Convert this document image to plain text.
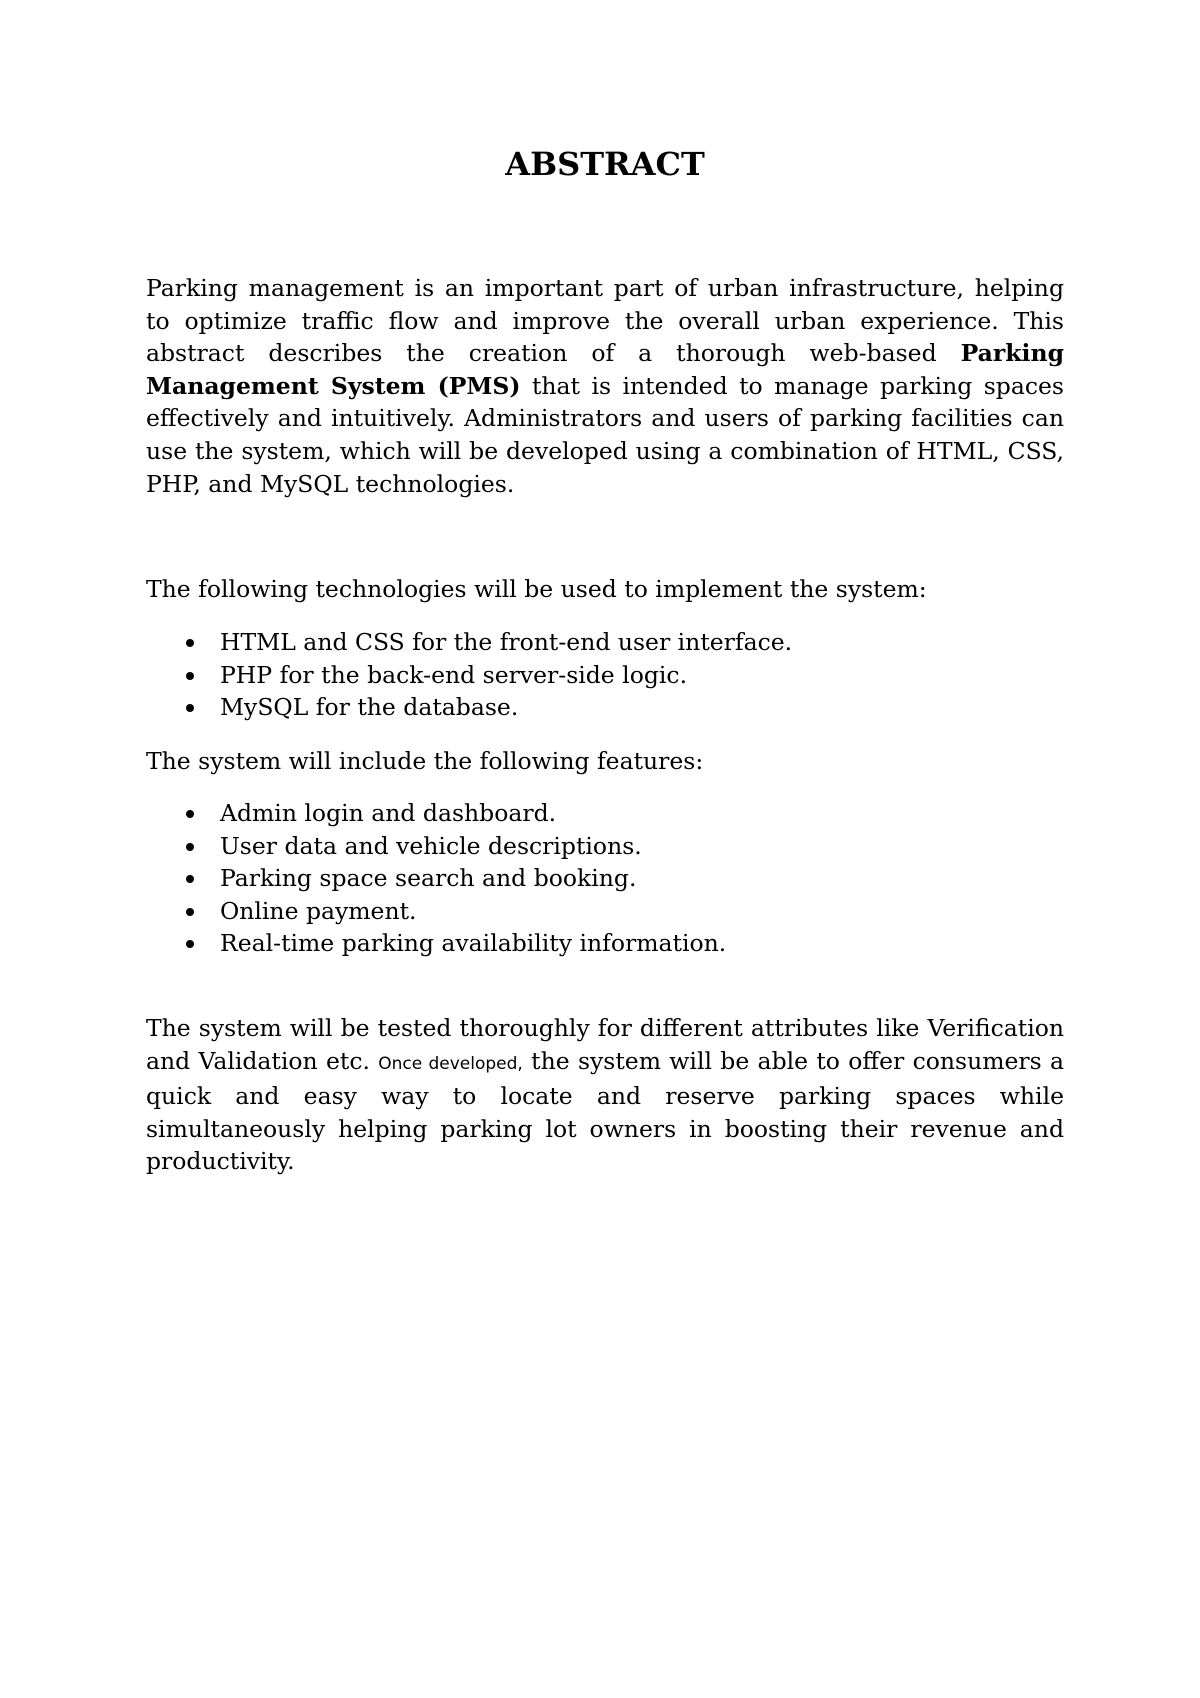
ABSTRACT

Parking management is an important part of urban infrastructure, helping to optimize traffic flow and improve the overall urban experience. This abstract describes the creation of a thorough web-based Parking Management System (PMS) that is intended to manage parking spaces effectively and intuitively. Administrators and users of parking facilities can use the system, which will be developed using a combination of HTML, CSS, PHP, and MySQL technologies.

The following technologies will be used to implement the system:

HTML and CSS for the front-end user interface.
PHP for the back-end server-side logic.
MySQL for the database.

The system will include the following features:

Admin login and dashboard.
User data and vehicle descriptions.
Parking space search and booking.
Online payment.
Real-time parking availability information.

The system will be tested thoroughly for different attributes like Verification and Validation etc. Once developed, the system will be able to offer consumers a quick and easy way to locate and reserve parking spaces while simultaneously helping parking lot owners in boosting their revenue and productivity.
